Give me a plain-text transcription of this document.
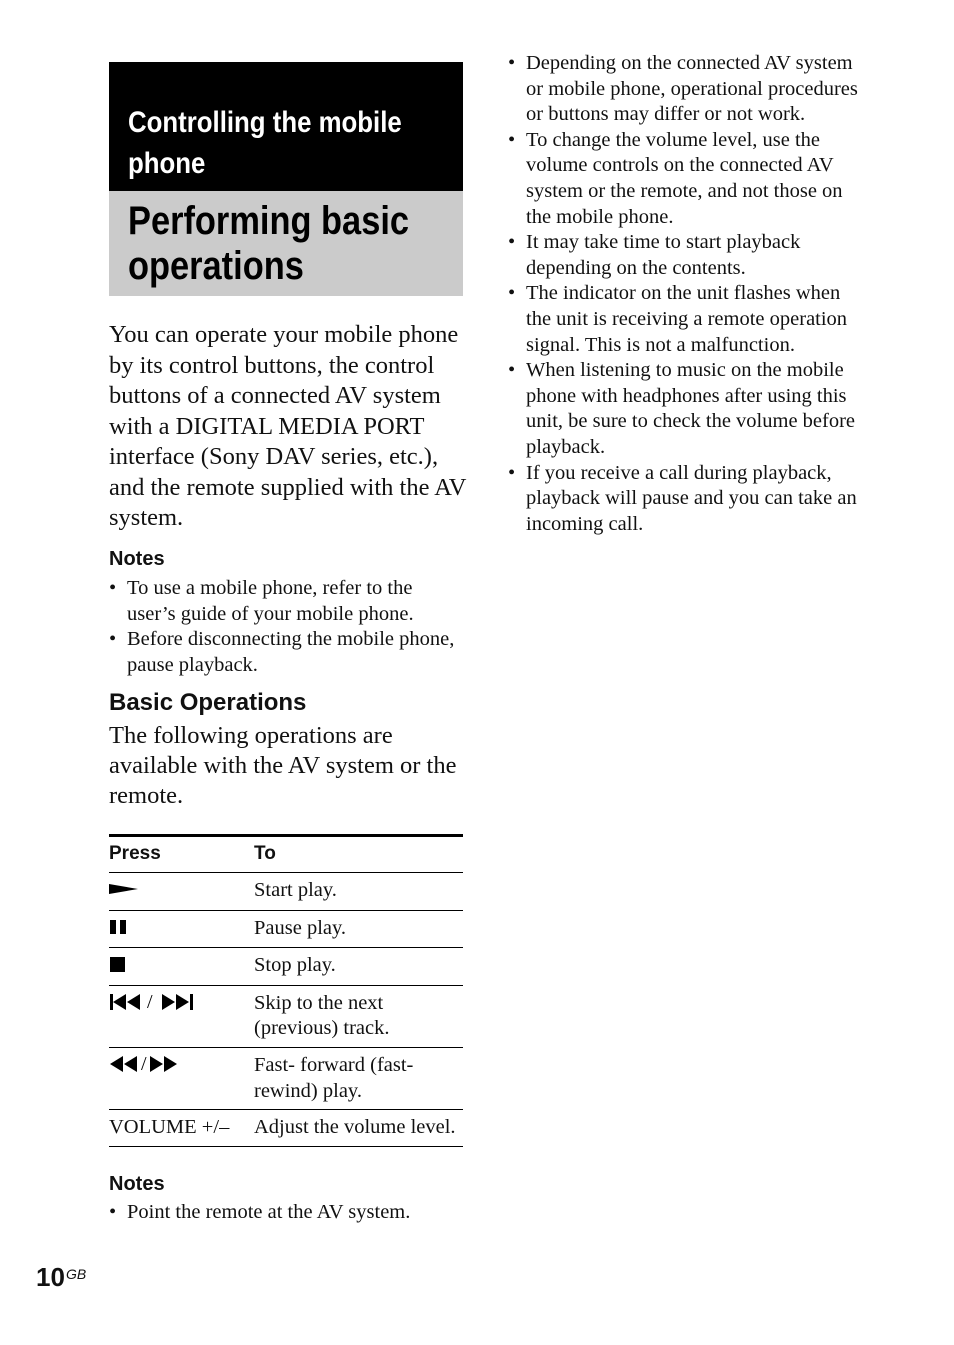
Controlling the mobile
phone
Performing basic
operations

You can operate your mobile phone by its control buttons, the control buttons of a connected AV system with a DIGITAL MEDIA PORT interface (Sony DAV series, etc.), and the remote supplied with the AV system.

Notes
• To use a mobile phone, refer to the user’s guide of your mobile phone.
• Before disconnecting the mobile phone, pause playback.
Basic Operations

The following operations are available with the AV system or the remote.

Press	To

	Start play.

	Pause play.

	Stop play.

/	Skip to the next (previous) track.

/	Fast- forward (fast-rewind) play.
VOLUME +/–	Adjust the volume level.
Notes
• Point the remote at the AV system.
• Depending on the connected AV system or mobile phone, operational procedures or buttons may differ or not work.
• To change the volume level, use the volume controls on the connected AV system or the remote, and not those on the mobile phone.
• It may take time to start playback depending on the contents.
• The indicator on the unit flashes when the unit is receiving a remote operation signal. This is not a malfunction.
• When listening to music on the mobile phone with headphones after using this unit, be sure to check the volume before playback.
• If you receive a call during playback, playback will pause and you can take an incoming call.
10 GB
